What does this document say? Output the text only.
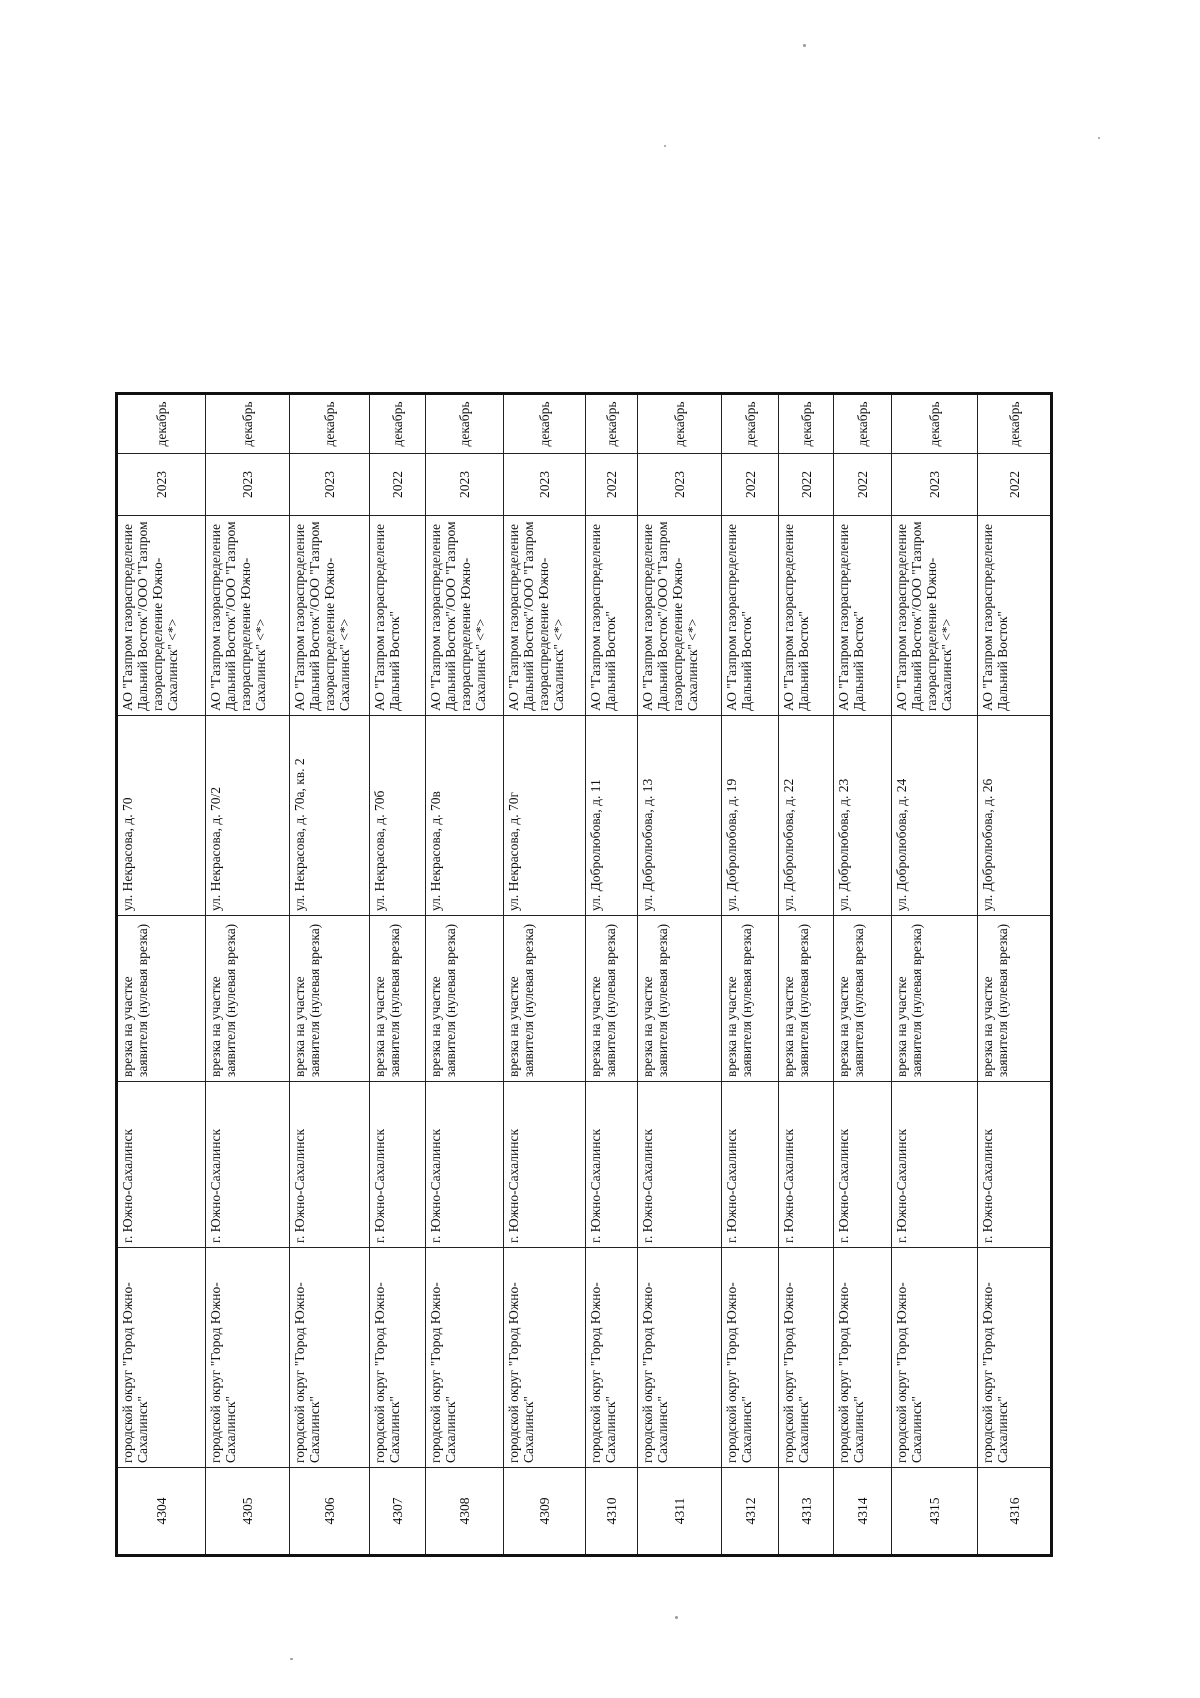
4304	городской округ "Город Южно-Сахалинск"	г. Южно-Сахалинск	врезка на участке заявителя (нулевая врезка)	ул. Некрасова, д. 70	АО "Газпром газораспределение Дальний Восток"/ООО "Газпром газораспределение Южно-Сахалинск" <*>	2023	декабрь
4305	городской округ "Город Южно-Сахалинск"	г. Южно-Сахалинск	врезка на участке заявителя (нулевая врезка)	ул. Некрасова, д. 70/2	АО "Газпром газораспределение Дальний Восток"/ООО "Газпром газораспределение Южно-Сахалинск" <*>	2023	декабрь
4306	городской округ "Город Южно-Сахалинск"	г. Южно-Сахалинск	врезка на участке заявителя (нулевая врезка)	ул. Некрасова, д. 70а, кв. 2	АО "Газпром газораспределение Дальний Восток"/ООО "Газпром газораспределение Южно-Сахалинск" <*>	2023	декабрь
4307	городской округ "Город Южно-Сахалинск"	г. Южно-Сахалинск	врезка на участке заявителя (нулевая врезка)	ул. Некрасова, д. 70б	АО "Газпром газораспределение Дальний Восток"	2022	декабрь
4308	городской округ "Город Южно-Сахалинск"	г. Южно-Сахалинск	врезка на участке заявителя (нулевая врезка)	ул. Некрасова, д. 70в	АО "Газпром газораспределение Дальний Восток"/ООО "Газпром газораспределение Южно-Сахалинск" <*>	2023	декабрь
4309	городской округ "Город Южно-Сахалинск"	г. Южно-Сахалинск	врезка на участке заявителя (нулевая врезка)	ул. Некрасова, д. 70г	АО "Газпром газораспределение Дальний Восток"/ООО "Газпром газораспределение Южно-Сахалинск" <*>	2023	декабрь
4310	городской округ "Город Южно-Сахалинск"	г. Южно-Сахалинск	врезка на участке заявителя (нулевая врезка)	ул. Добролюбова, д. 11	АО "Газпром газораспределение Дальний Восток"	2022	декабрь
4311	городской округ "Город Южно-Сахалинск"	г. Южно-Сахалинск	врезка на участке заявителя (нулевая врезка)	ул. Добролюбова, д. 13	АО "Газпром газораспределение Дальний Восток"/ООО "Газпром газораспределение Южно-Сахалинск" <*>	2023	декабрь
4312	городской округ "Город Южно-Сахалинск"	г. Южно-Сахалинск	врезка на участке заявителя (нулевая врезка)	ул. Добролюбова, д. 19	АО "Газпром газораспределение Дальний Восток"	2022	декабрь
4313	городской округ "Город Южно-Сахалинск"	г. Южно-Сахалинск	врезка на участке заявителя (нулевая врезка)	ул. Добролюбова, д. 22	АО "Газпром газораспределение Дальний Восток"	2022	декабрь
4314	городской округ "Город Южно-Сахалинск"	г. Южно-Сахалинск	врезка на участке заявителя (нулевая врезка)	ул. Добролюбова, д. 23	АО "Газпром газораспределение Дальний Восток"	2022	декабрь
4315	городской округ "Город Южно-Сахалинск"	г. Южно-Сахалинск	врезка на участке заявителя (нулевая врезка)	ул. Добролюбова, д. 24	АО "Газпром газораспределение Дальний Восток"/ООО "Газпром газораспределение Южно-Сахалинск" <*>	2023	декабрь
4316	городской округ "Город Южно-Сахалинск"	г. Южно-Сахалинск	врезка на участке заявителя (нулевая врезка)	ул. Добролюбова, д. 26	АО "Газпром газораспределение Дальний Восток"	2022	декабрь
